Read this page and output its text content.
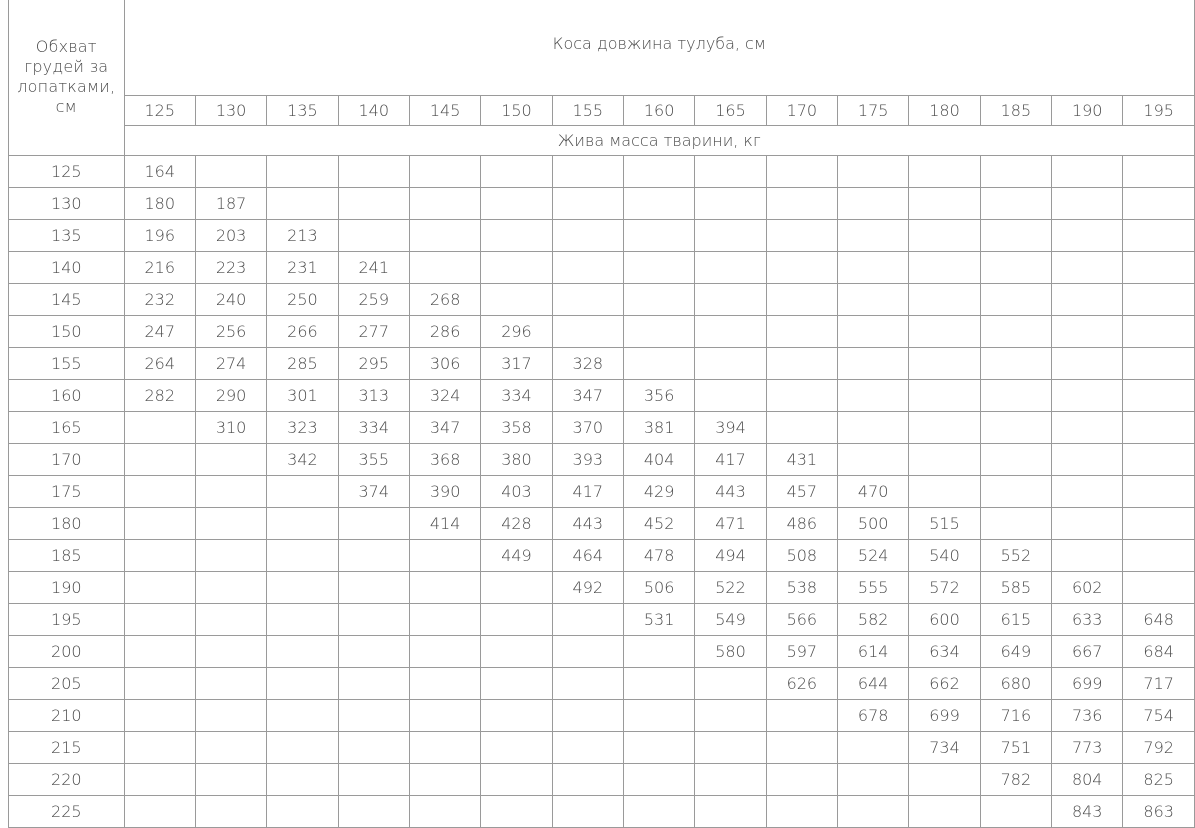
Обхват грудей за лопатками, см	Коса довжина тулуба, см														
	125	130	135	140	145	150	155	160	165	170	175	180	185	190	195
	Жива масса тварини, кг														
125	164														
130	180	187													
135	196	203	213												
140	216	223	231	241											
145	232	240	250	259	268										
150	247	256	266	277	286	296									
155	264	274	285	295	306	317	328								
160	282	290	301	313	324	334	347	356							
165		310	323	334	347	358	370	381	394						
170			342	355	368	380	393	404	417	431					
175				374	390	403	417	429	443	457	470				
180					414	428	443	452	471	486	500	515			
185						449	464	478	494	508	524	540	552		
190							492	506	522	538	555	572	585	602	
195								531	549	566	582	600	615	633	648
200									580	597	614	634	649	667	684
205										626	644	662	680	699	717
210											678	699	716	736	754
215												734	751	773	792
220													782	804	825
225														843	863
